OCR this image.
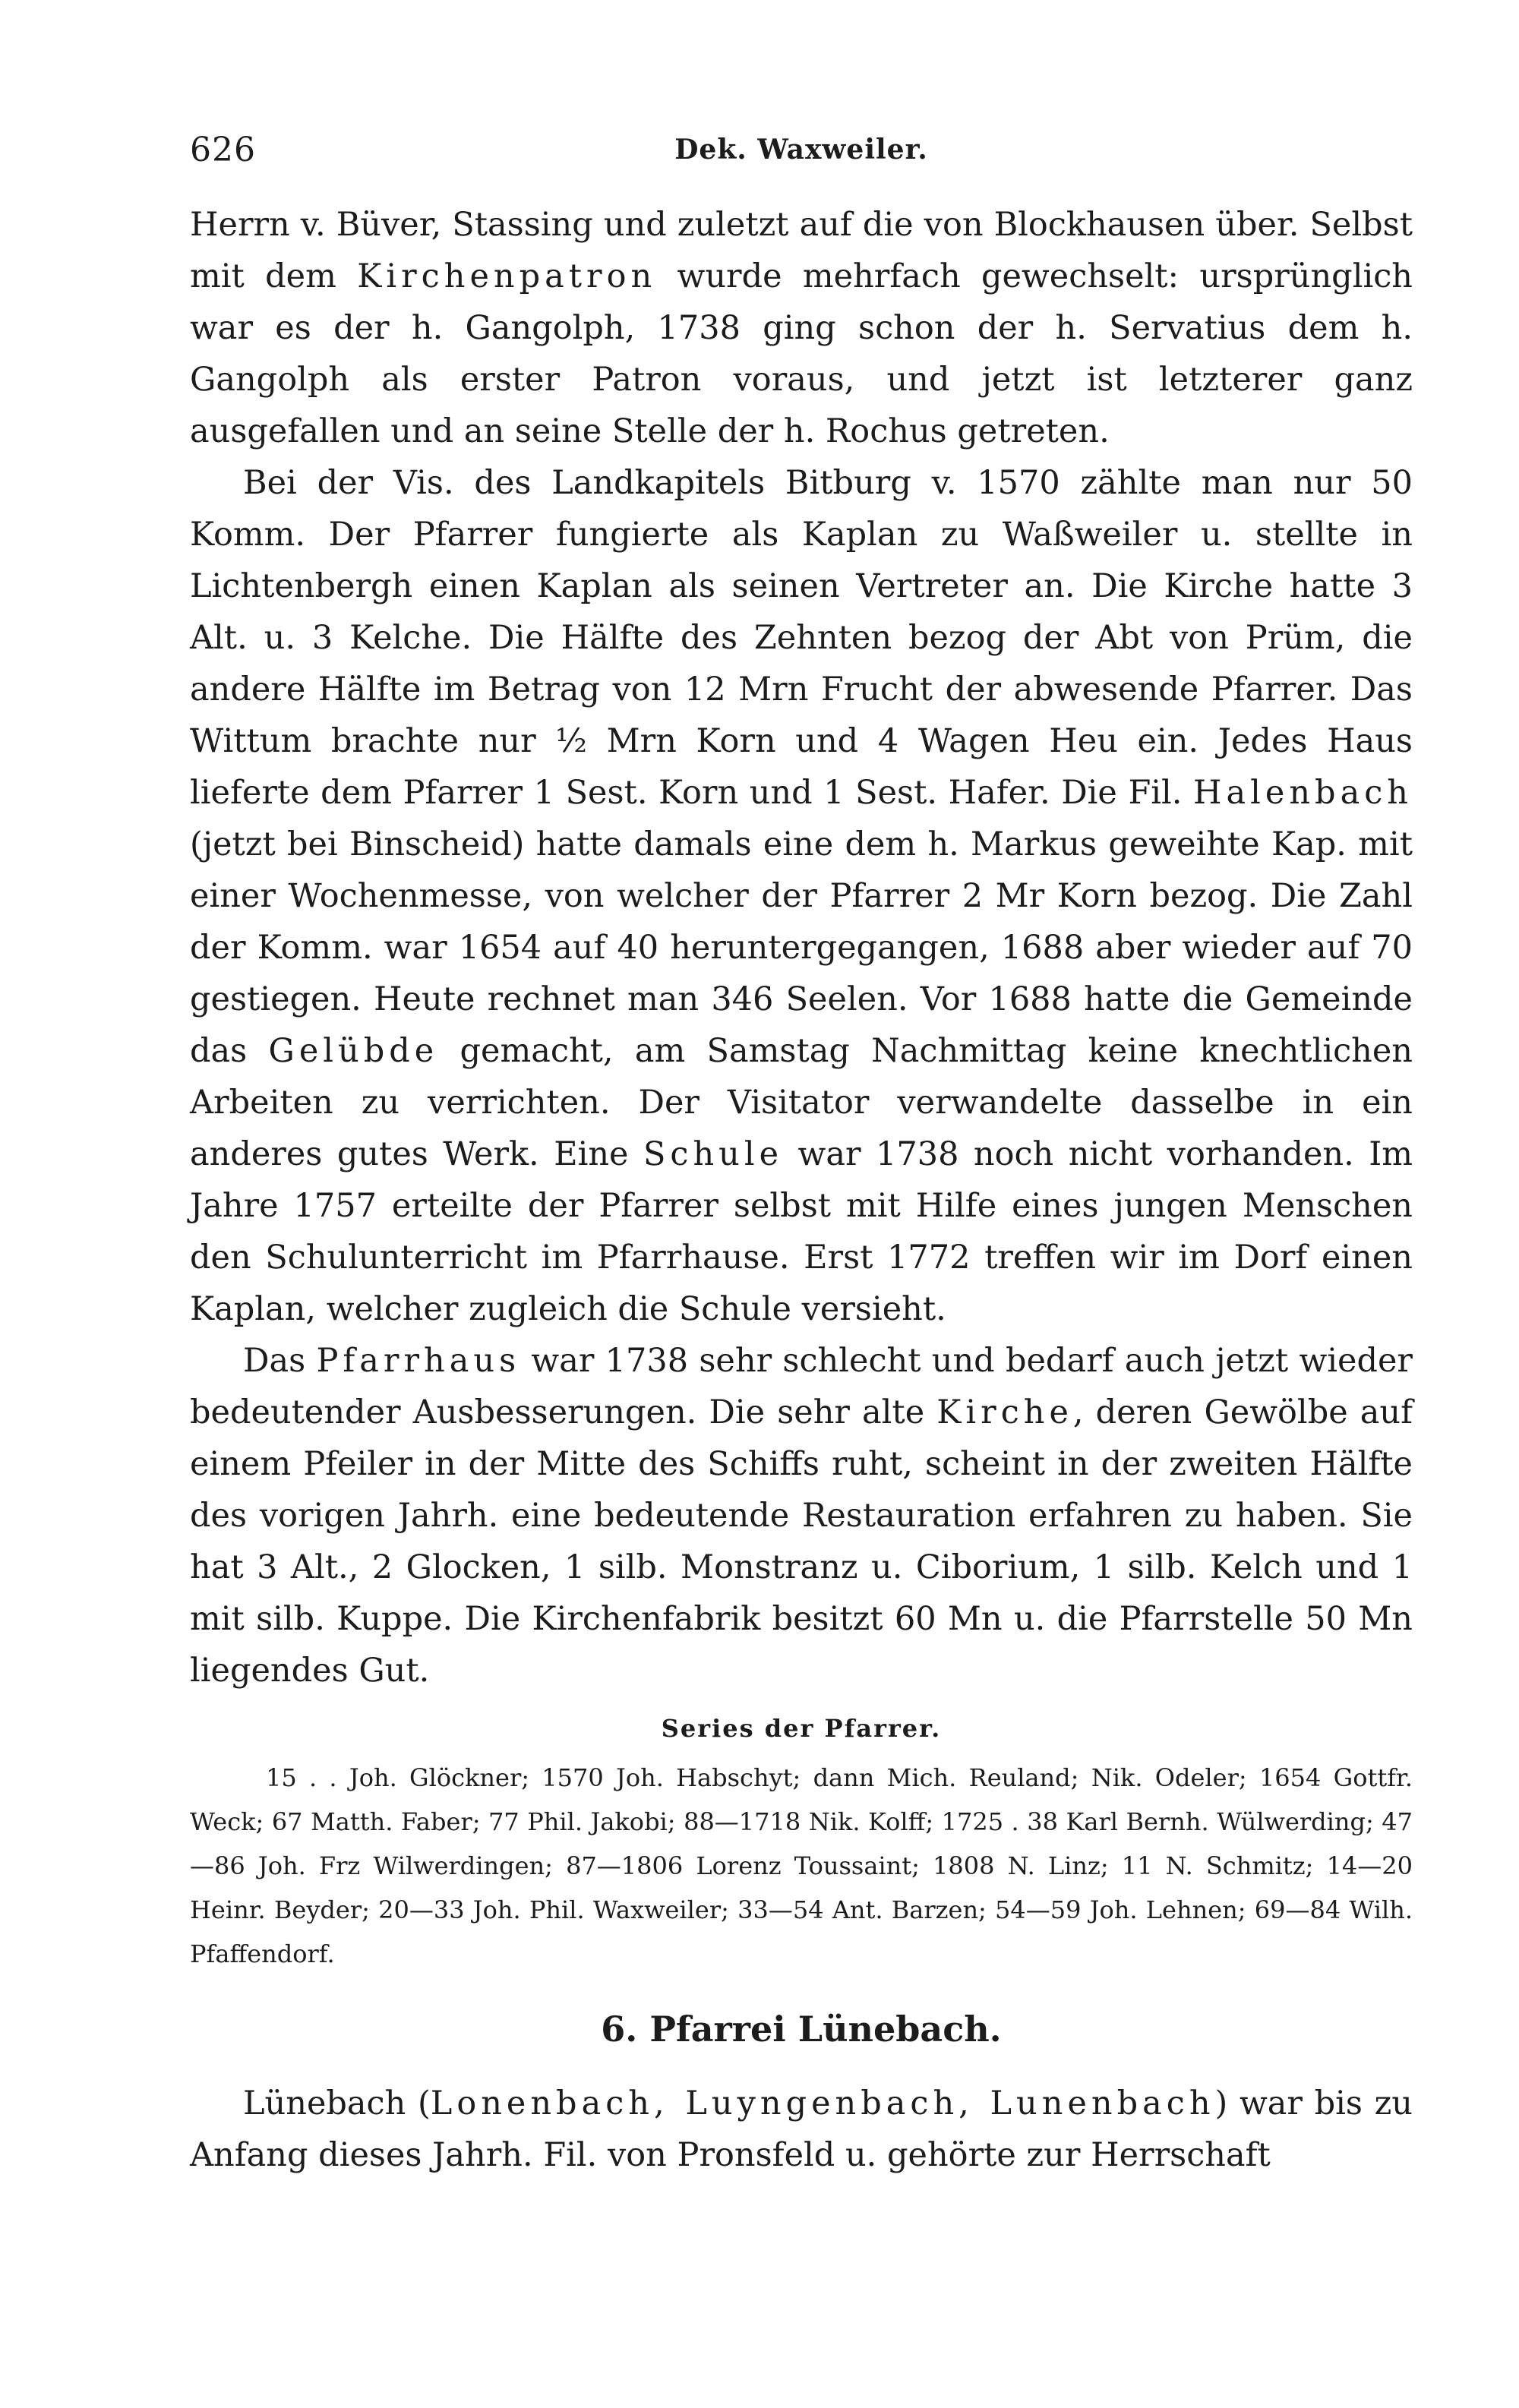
626	Dek. Waxweiler.

Herrn v. Büver, Stassing und zuletzt auf die von Blockhausen über. Selbst mit dem Kirchenpatron wurde mehrfach gewechselt: ursprünglich war es der h. Gangolph, 1738 ging schon der h. Servatius dem h. Gangolph als erster Patron voraus, und jetzt ist letzterer ganz ausgefallen und an seine Stelle der h. Rochus getreten.

Bei der Vis. des Landkapitels Bitburg v. 1570 zählte man nur 50 Komm. Der Pfarrer fungierte als Kaplan zu Waßweiler u. stellte in Lichtenbergh einen Kaplan als seinen Vertreter an. Die Kirche hatte 3 Alt. u. 3 Kelche. Die Hälfte des Zehnten bezog der Abt von Prüm, die andere Hälfte im Betrag von 12 Mrn Frucht der abwesende Pfarrer. Das Wittum brachte nur ½ Mrn Korn und 4 Wagen Heu ein. Jedes Haus lieferte dem Pfarrer 1 Sest. Korn und 1 Sest. Hafer. Die Fil. Halenbach (jetzt bei Binscheid) hatte damals eine dem h. Markus geweihte Kap. mit einer Wochenmesse, von welcher der Pfarrer 2 Mr Korn bezog. Die Zahl der Komm. war 1654 auf 40 heruntergegangen, 1688 aber wieder auf 70 gestiegen. Heute rechnet man 346 Seelen. Vor 1688 hatte die Gemeinde das Gelübde gemacht, am Samstag Nachmittag keine knechtlichen Arbeiten zu verrichten. Der Visitator verwandelte dasselbe in ein anderes gutes Werk. Eine Schule war 1738 noch nicht vorhanden. Im Jahre 1757 erteilte der Pfarrer selbst mit Hilfe eines jungen Menschen den Schulunterricht im Pfarrhause. Erst 1772 treffen wir im Dorf einen Kaplan, welcher zugleich die Schule versieht.

Das Pfarrhaus war 1738 sehr schlecht und bedarf auch jetzt wieder bedeutender Ausbesserungen. Die sehr alte Kirche, deren Gewölbe auf einem Pfeiler in der Mitte des Schiffs ruht, scheint in der zweiten Hälfte des vorigen Jahrh. eine bedeutende Restauration erfahren zu haben. Sie hat 3 Alt., 2 Glocken, 1 silb. Monstranz u. Ciborium, 1 silb. Kelch und 1 mit silb. Kuppe. Die Kirchenfabrik besitzt 60 Mn u. die Pfarrstelle 50 Mn liegendes Gut.

Series der Pfarrer.

15 . . Joh. Glöckner; 1570 Joh. Habschyt; dann Mich. Reuland; Nik. Odeler; 1654 Gottfr. Weck; 67 Matth. Faber; 77 Phil. Jakobi; 88—1718 Nik. Kolff; 1725 . 38 Karl Bernh. Wülwerding; 47—86 Joh. Frz Wilwerdingen; 87—1806 Lorenz Toussaint; 1808 N. Linz; 11 N. Schmitz; 14—20 Heinr. Beyder; 20—33 Joh. Phil. Waxweiler; 33—54 Ant. Barzen; 54—59 Joh. Lehnen; 69—84 Wilh. Pfaffendorf.

6. Pfarrei Lünebach.

Lünebach (Lonenbach, Luyngenbach, Lunenbach) war bis zu Anfang dieses Jahrh. Fil. von Pronsfeld u. gehörte zur Herrschaft
